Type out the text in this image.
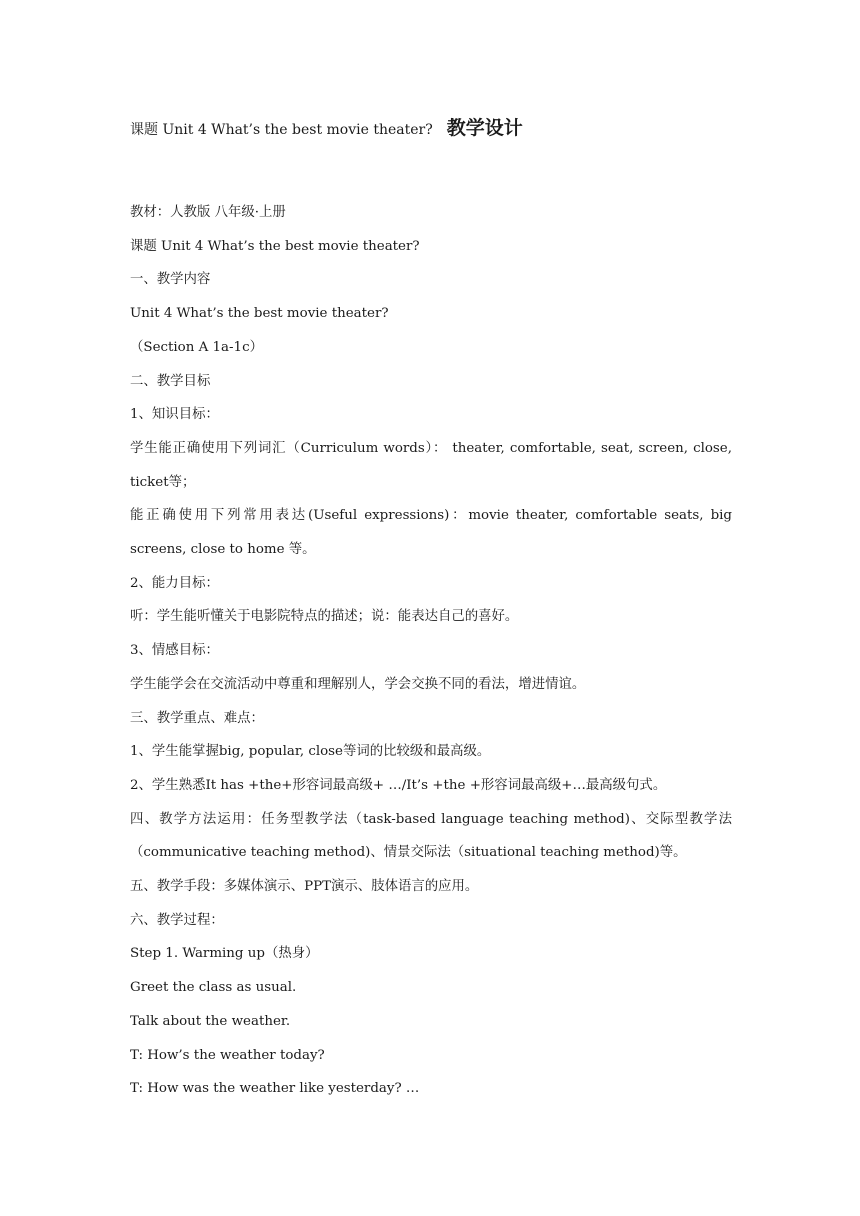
课题 Unit 4 What’s the best movie theater? 教学设计

教材：人教版 八年级·上册

课题 Unit 4 What’s the best movie theater?

一、教学内容

Unit 4 What’s the best movie theater?

（Section A 1a-1c）

二、教学目标

1、知识目标：

学生能正确使用下列词汇（Curriculum words）： theater, comfortable, seat, screen, close, ticket等；

能正确使用下列常用表达(Useful expressions)：movie theater, comfortable seats, big screens, close to home 等。

2、能力目标：

听：学生能听懂关于电影院特点的描述；说：能表达自己的喜好。

3、情感目标：

学生能学会在交流活动中尊重和理解别人，学会交换不同的看法，增进情谊。

三、教学重点、难点：

1、学生能掌握big, popular, close等词的比较级和最高级。

2、学生熟悉It has +the+形容词最高级+ …/It’s +the +形容词最高级+…最高级句式。

四、教学方法运用：任务型教学法（task-based language teaching method)、交际型教学法（communicative teaching method)、情景交际法（situational teaching method)等。

五、教学手段：多媒体演示、PPT演示、肢体语言的应用。

六、教学过程：

Step 1. Warming up（热身）

Greet the class as usual.

Talk about the weather.

T: How’s the weather today?

T: How was the weather like yesterday? …
